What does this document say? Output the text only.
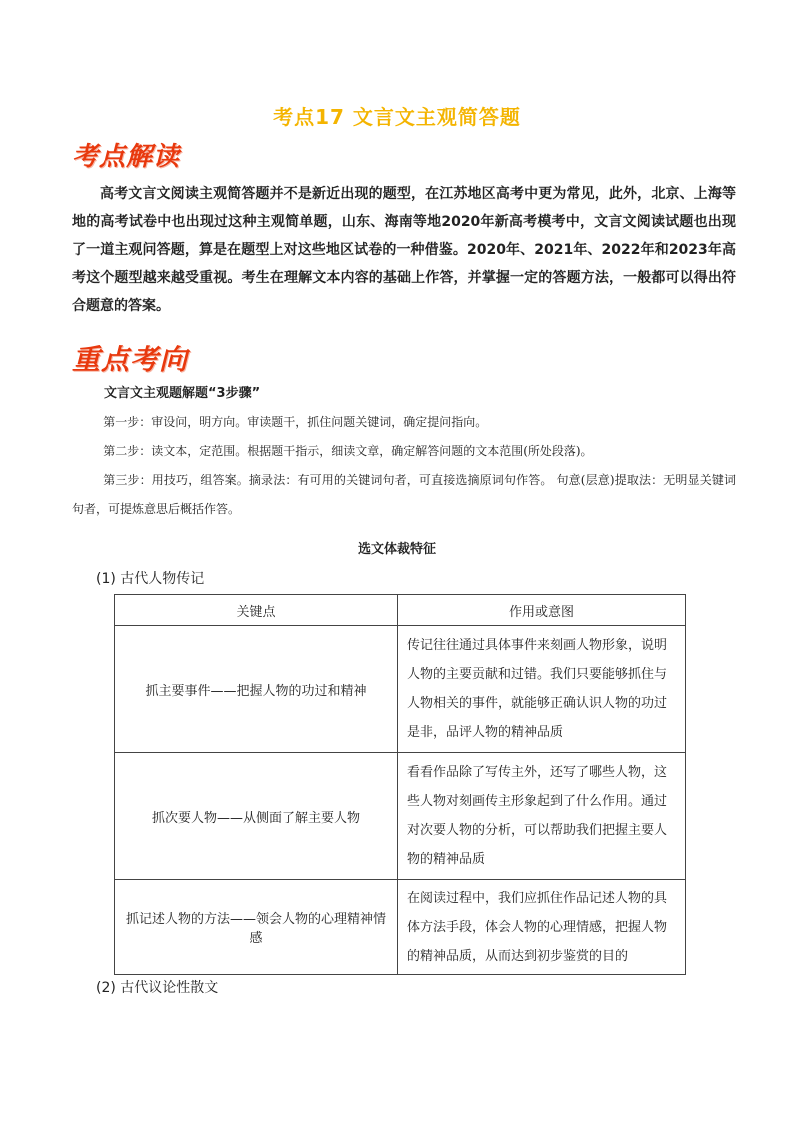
考点17 文言文主观简答题
考点解读
高考文言文阅读主观简答题并不是新近出现的题型，在江苏地区高考中更为常见，此外，北京、上海等地的高考试卷中也出现过这种主观简单题，山东、海南等地2020年新高考模考中，文言文阅读试题也出现了一道主观问答题，算是在题型上对这些地区试卷的一种借鉴。2020年、2021年、2022年和2023年高考这个题型越来越受重视。考生在理解文本内容的基础上作答，并掌握一定的答题方法，一般都可以得出符合题意的答案。
重点考向
文言文主观题解题“3步骤”

第一步：审设问，明方向。审读题干，抓住问题关键词，确定提问指向。

第二步：读文本，定范围。根据题干指示，细读文章，确定解答问题的文本范围(所处段落)。

第三步：用技巧，组答案。摘录法：有可用的关键词句者，可直接选摘原词句作答。 句意(层意)提取法：无明显关键词句者，可提炼意思后概括作答。

选文体裁特征
(1) 古代人物传记
关键点	作用或意图
抓主要事件——把握人物的功过和精神	传记往往通过具体事件来刻画人物形象，说明人物的主要贡献和过错。我们只要能够抓住与人物相关的事件，就能够正确认识人物的功过是非，品评人物的精神品质
抓次要人物——从侧面了解主要人物	看看作品除了写传主外，还写了哪些人物，这些人物对刻画传主形象起到了什么作用。通过对次要人物的分析，可以帮助我们把握主要人物的精神品质
抓记述人物的方法——领会人物的心理精神情感	在阅读过程中，我们应抓住作品记述人物的具体方法手段，体会人物的心理情感，把握人物的精神品质，从而达到初步鉴赏的目的
(2) 古代议论性散文
